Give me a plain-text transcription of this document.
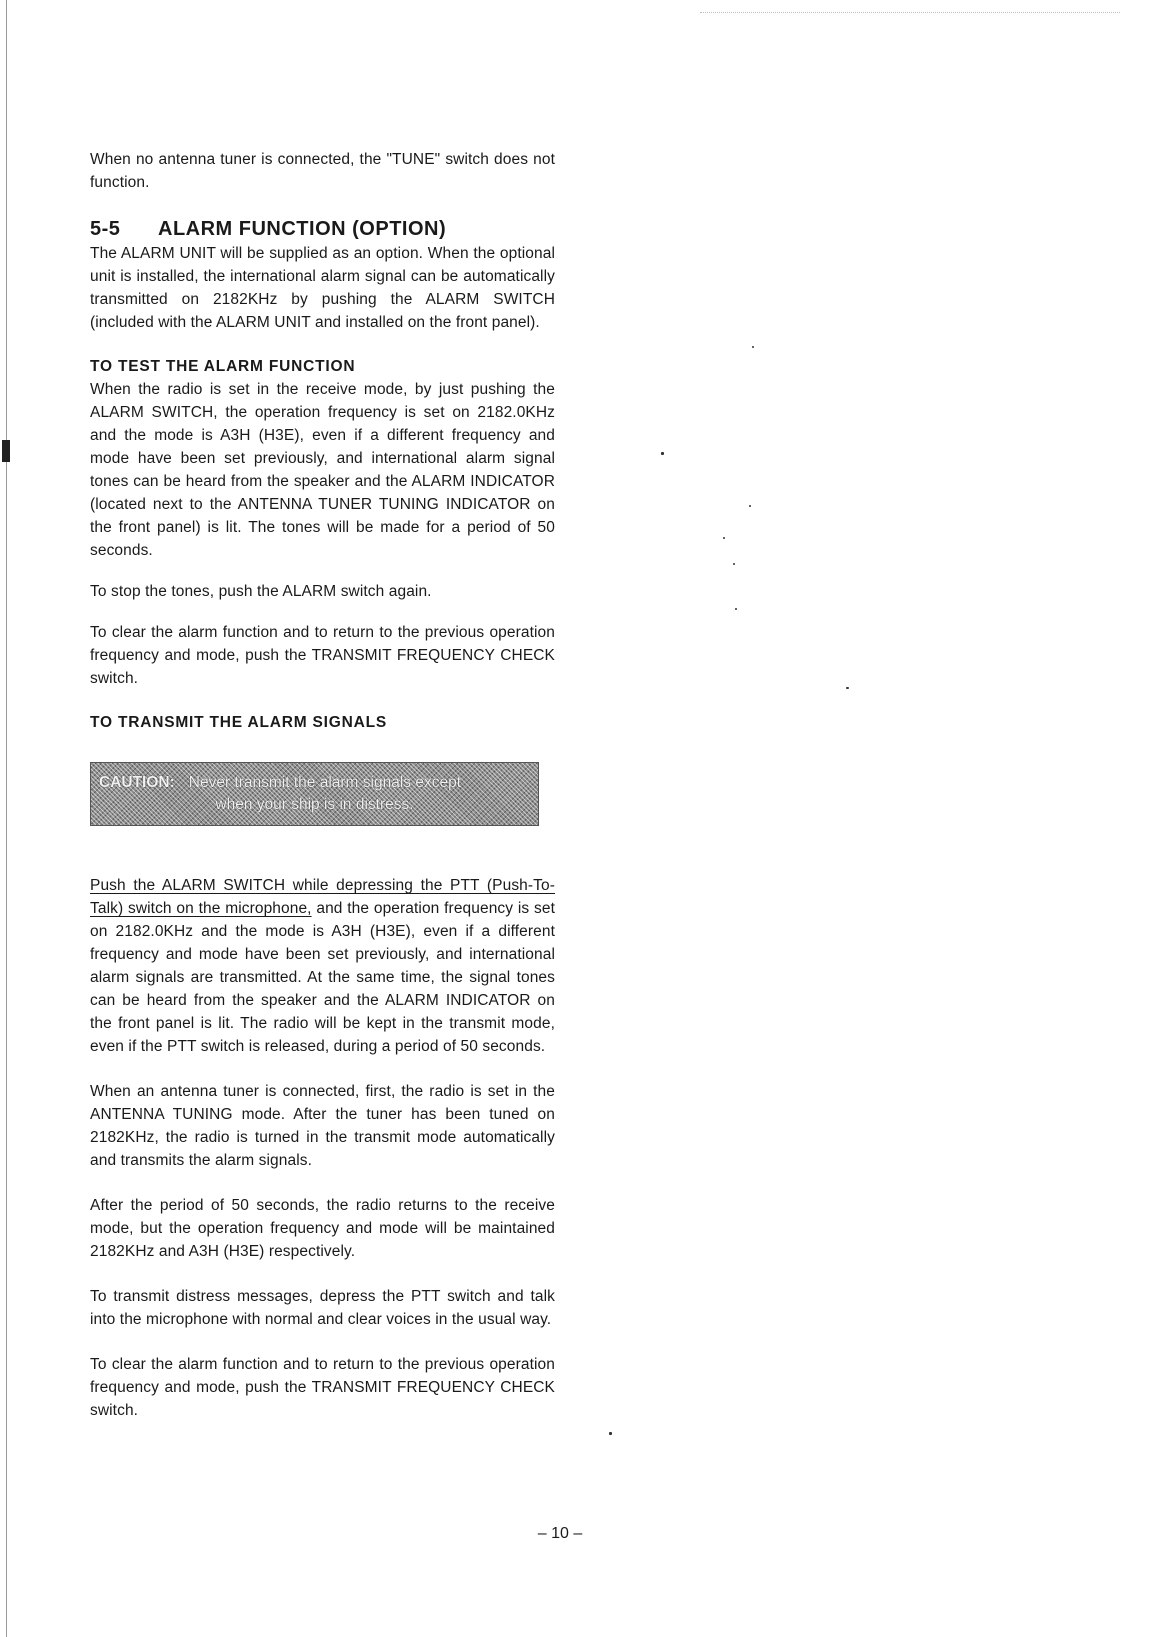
When no antenna tuner is connected, the "TUNE" switch does not function.

5-5 ALARM FUNCTION (OPTION)

The ALARM UNIT will be supplied as an option. When the optional unit is installed, the international alarm signal can be automatically transmitted on 2182KHz by pushing the ALARM SWITCH (included with the ALARM UNIT and installed on the front panel).

TO TEST THE ALARM FUNCTION

When the radio is set in the receive mode, by just pushing the ALARM SWITCH, the operation frequency is set on 2182.0KHz and the mode is A3H (H3E), even if a different frequency and mode have been set previously, and international alarm signal tones can be heard from the speaker and the ALARM INDICATOR (located next to the ANTENNA TUNER TUNING INDICATOR on the front panel) is lit. The tones will be made for a period of 50 seconds.

To stop the tones, push the ALARM switch again.

To clear the alarm function and to return to the previous operation frequency and mode, push the TRANSMIT FREQUENCY CHECK switch.

TO TRANSMIT THE ALARM SIGNALS
CAUTION: Never transmit the alarm signals except
when your ship is in distress.

Push the ALARM SWITCH while depressing the PTT (Push-To-Talk) switch on the microphone, and the operation frequency is set on 2182.0KHz and the mode is A3H (H3E), even if a different frequency and mode have been set previously, and international alarm signals are transmitted. At the same time, the signal tones can be heard from the speaker and the ALARM INDICATOR on the front panel is lit. The radio will be kept in the transmit mode, even if the PTT switch is released, during a period of 50 seconds.

When an antenna tuner is connected, first, the radio is set in the ANTENNA TUNING mode. After the tuner has been tuned on 2182KHz, the radio is turned in the transmit mode automatically and transmits the alarm signals.

After the period of 50 seconds, the radio returns to the receive mode, but the operation frequency and mode will be maintained 2182KHz and A3H (H3E) respectively.

To transmit distress messages, depress the PTT switch and talk into the microphone with normal and clear voices in the usual way.

To clear the alarm function and to return to the previous operation frequency and mode, push the TRANSMIT FREQUENCY CHECK switch.

– 10 –
